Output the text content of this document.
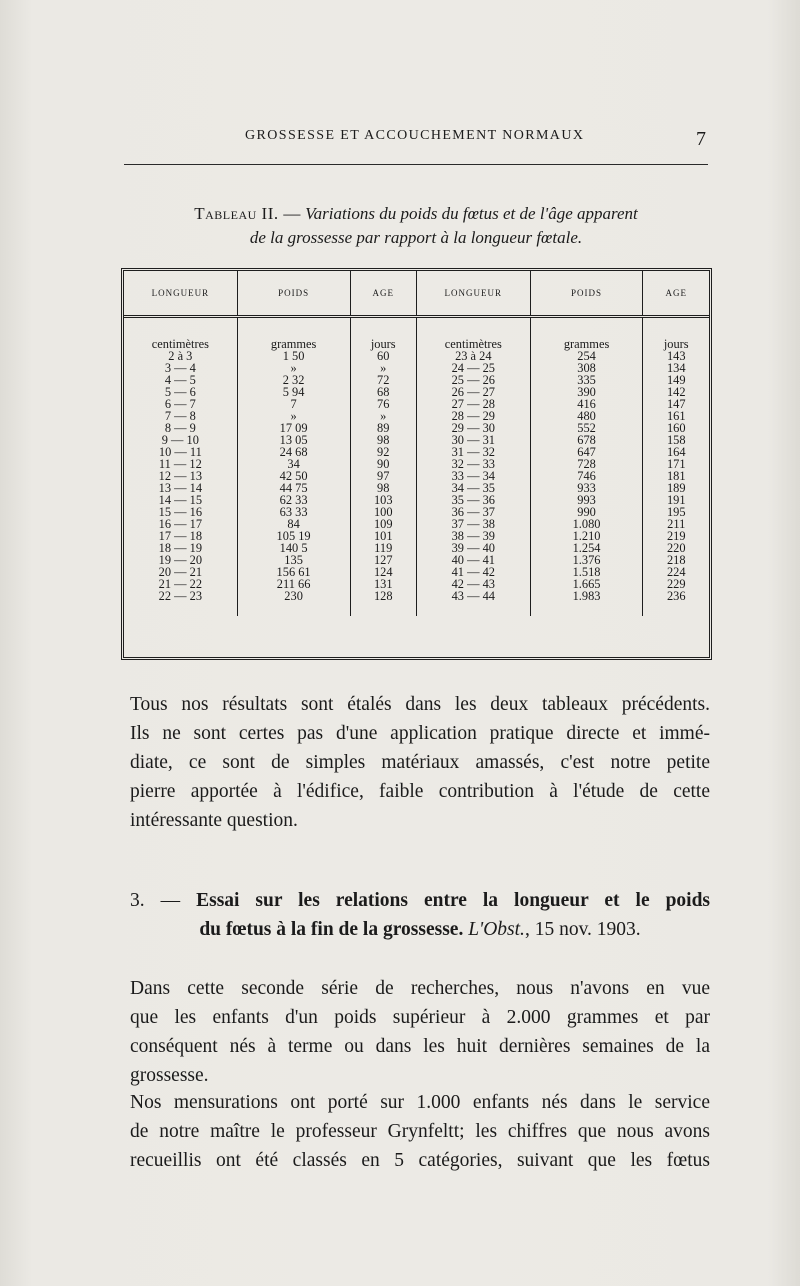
GROSSESSE ET ACCOUCHEMENT NORMAUX	7
Tableau II. — Variations du poids du fœtus et de l'âge apparent
de la grossesse par rapport à la longueur fœtale.
LONGUEUR	POIDS	AGE	LONGUEUR	POIDS	AGE
centimètres	grammes	jours	centimètres	grammes	jours
2 à 3	1 50	60	23 à 24	254	143
3 — 4	»	»	24 — 25	308	134
4 — 5	2 32	72	25 — 26	335	149
5 — 6	5 94	68	26 — 27	390	142
6 — 7	7	76	27 — 28	416	147
7 — 8	»	»	28 — 29	480	161
8 — 9	17 09	89	29 — 30	552	160
9 — 10	13 05	98	30 — 31	678	158
10 — 11	24 68	92	31 — 32	647	164
11 — 12	34	90	32 — 33	728	171
12 — 13	42 50	97	33 — 34	746	181
13 — 14	44 75	98	34 — 35	933	189
14 — 15	62 33	103	35 — 36	993	191
15 — 16	63 33	100	36 — 37	990	195
16 — 17	84	109	37 — 38	1.080	211
17 — 18	105 19	101	38 — 39	1.210	219
18 — 19	140 5	119	39 — 40	1.254	220
19 — 20	135	127	40 — 41	1.376	218
20 — 21	156 61	124	41 — 42	1.518	224
21 — 22	211 66	131	42 — 43	1.665	229
22 — 23	230	128	43 — 44	1.983	236
Tous nos résultats sont étalés dans les deux tableaux précédents.
Ils ne sont certes pas d'une application pratique directe et immé-
diate, ce sont de simples matériaux amassés, c'est notre petite
pierre apportée à l'édifice, faible contribution à l'étude de cette
intéressante question.
3. — Essai sur les relations entre la longueur et le poids
du fœtus à la fin de la grossesse. L'Obst., 15 nov. 1903.
Dans cette seconde série de recherches, nous n'avons en vue
que les enfants d'un poids supérieur à 2.000 grammes et par
conséquent nés à terme ou dans les huit dernières semaines de la
grossesse.
Nos mensurations ont porté sur 1.000 enfants nés dans le service
de notre maître le professeur Grynfeltt; les chiffres que nous avons
recueillis ont été classés en 5 catégories, suivant que les fœtus
